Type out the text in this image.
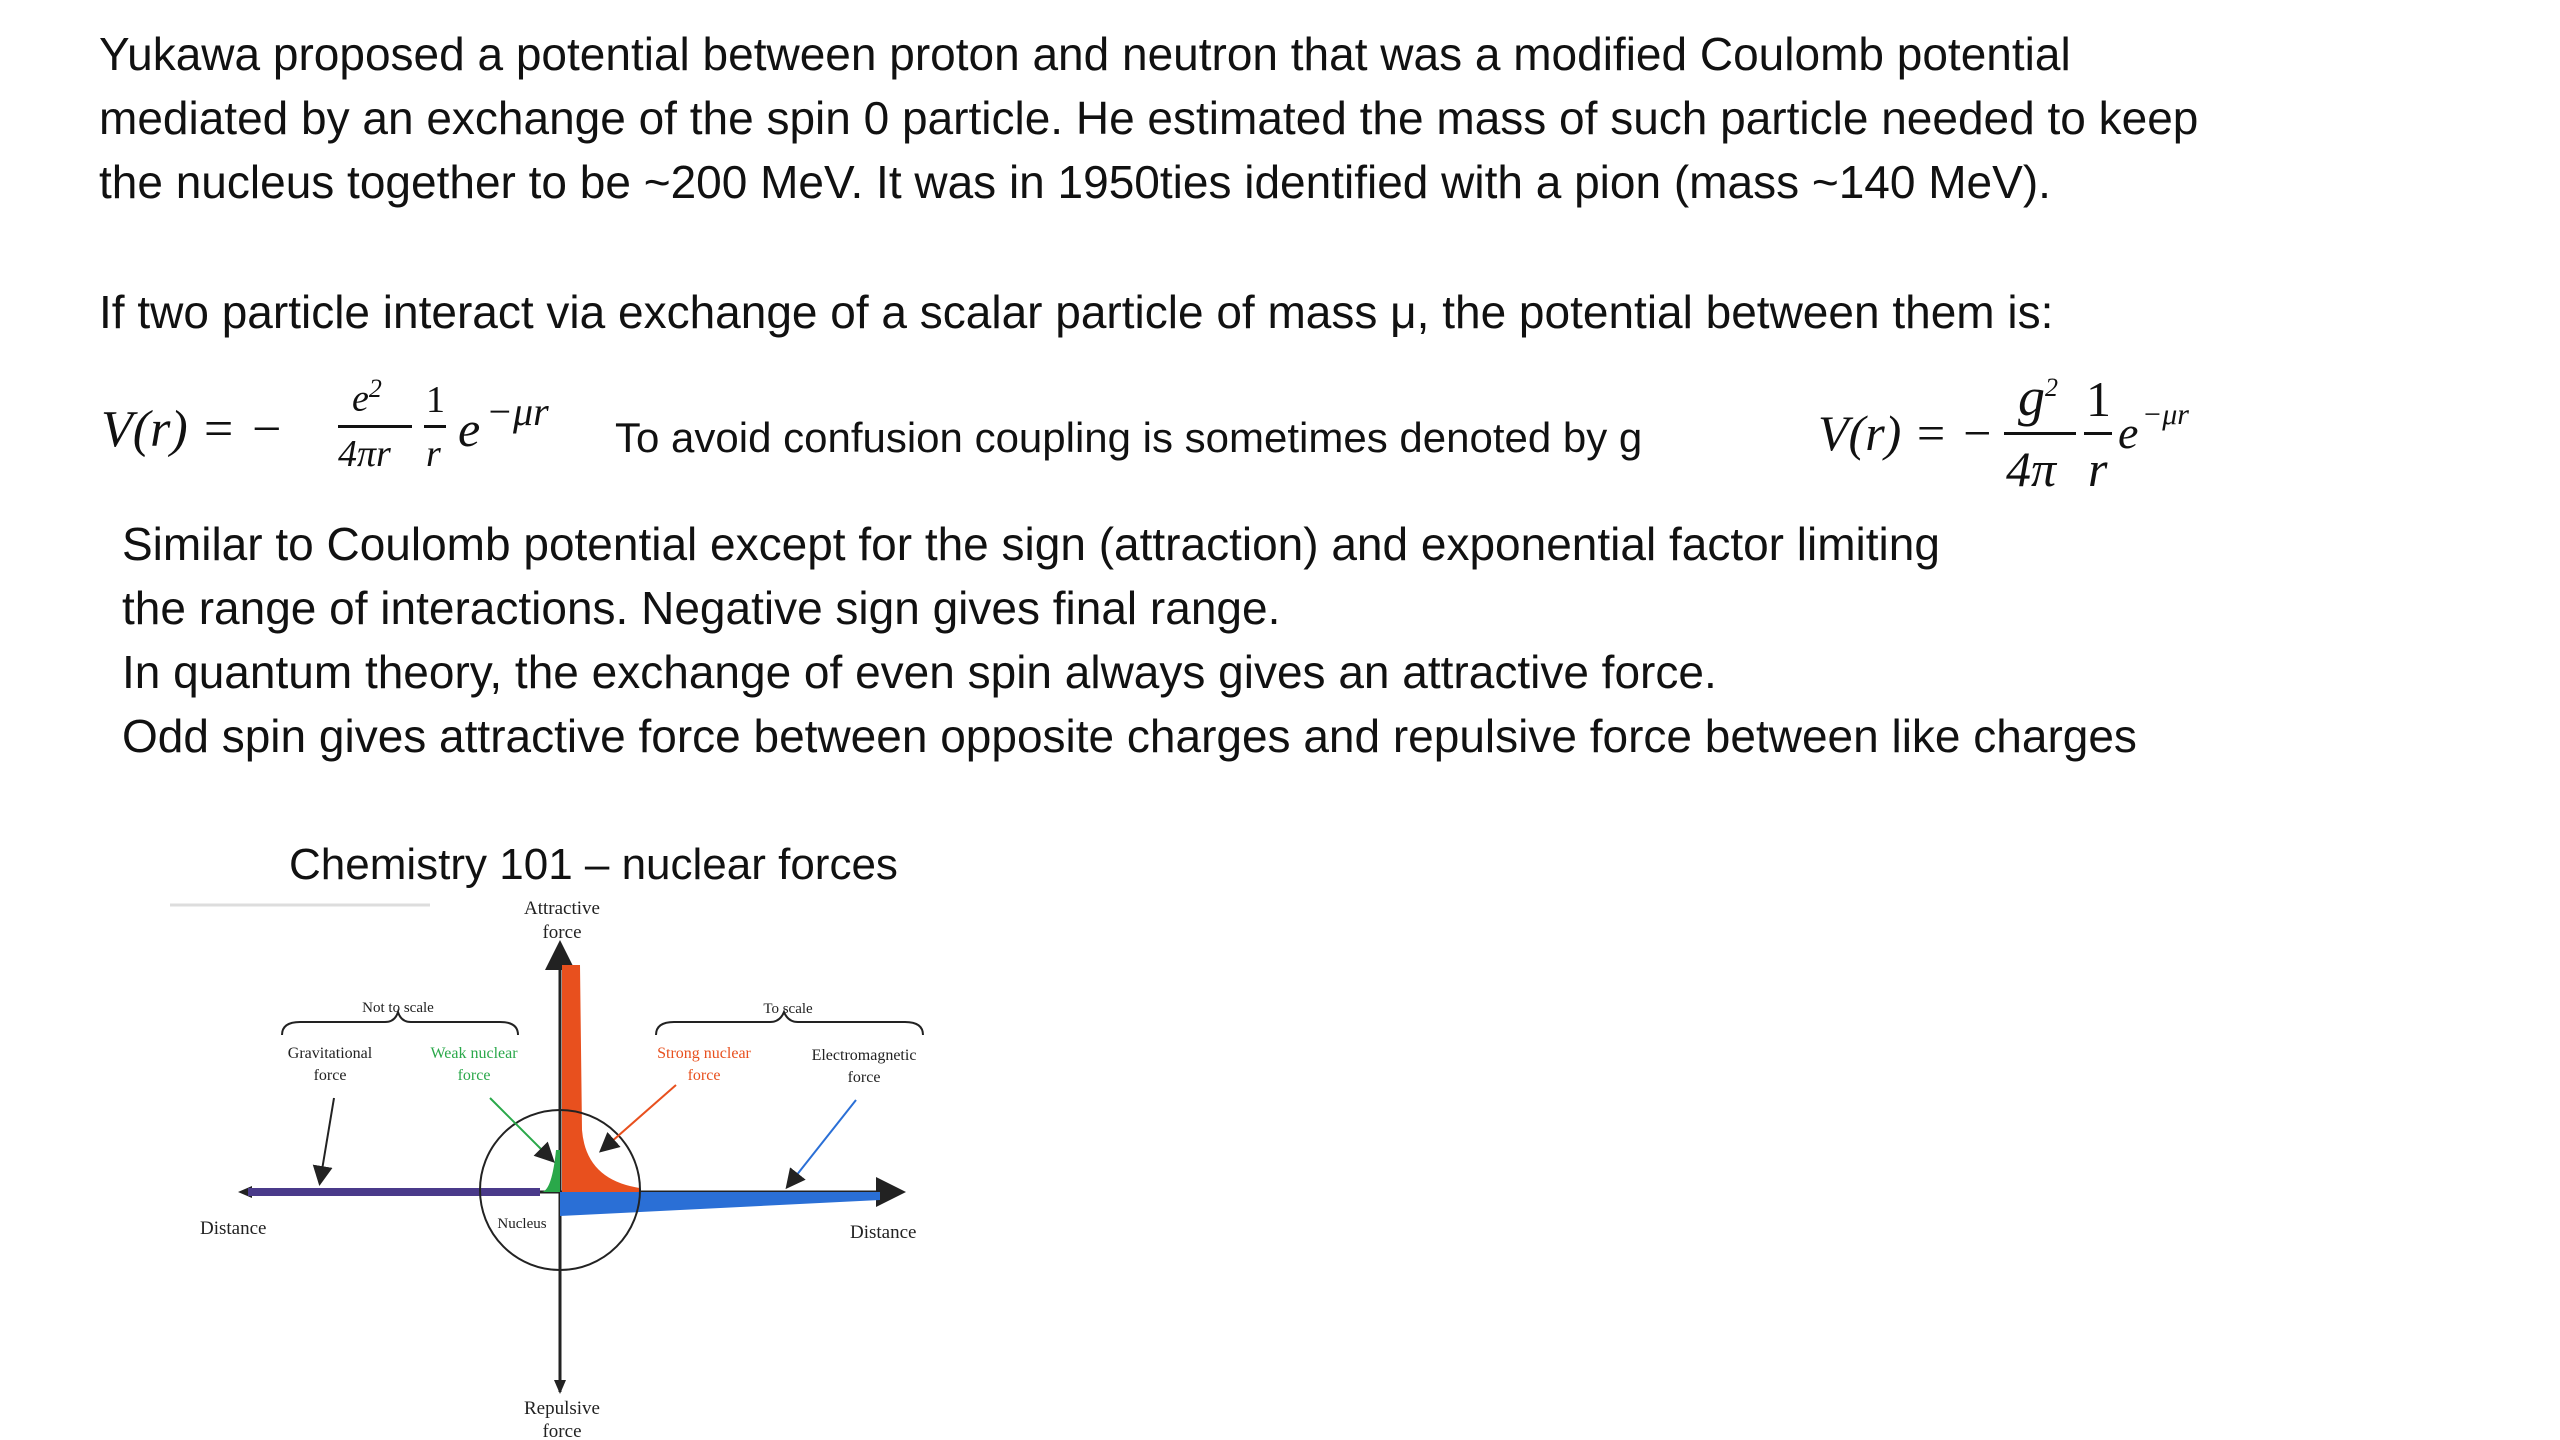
Yukawa proposed a potential between proton and neutron that was a modified Coulomb potential
mediated by an exchange of the spin 0 particle. He estimated the mass of such particle needed to keep
the nucleus together to be ~200 MeV. It was in 1950ties identified with a pion (mass ~140 MeV).
If two particle interact via exchange of a scalar particle of mass μ, the potential between them is:
V(r) = −
$e^2$
4πr
1
r e −μr
To avoid confusion coupling is sometimes denoted by g	V(r) = −
$g^2$
4π
1
r
e −μr
Similar to Coulomb potential except for the sign (attraction) and exponential factor limiting
the range of interactions. Negative sign gives final range.
In quantum theory, the exchange of even spin always gives an attractive force.
Odd spin gives attractive force between opposite charges and repulsive force between like charges
Chemistry 101 – nuclear forces
Attractive
force
Not to scale	To scale
Gravitational
force
Weak nuclear
force
Strong nuclear
force
Electromagnetic
force
Distance	Distance
Nucleus
Repulsive
force
